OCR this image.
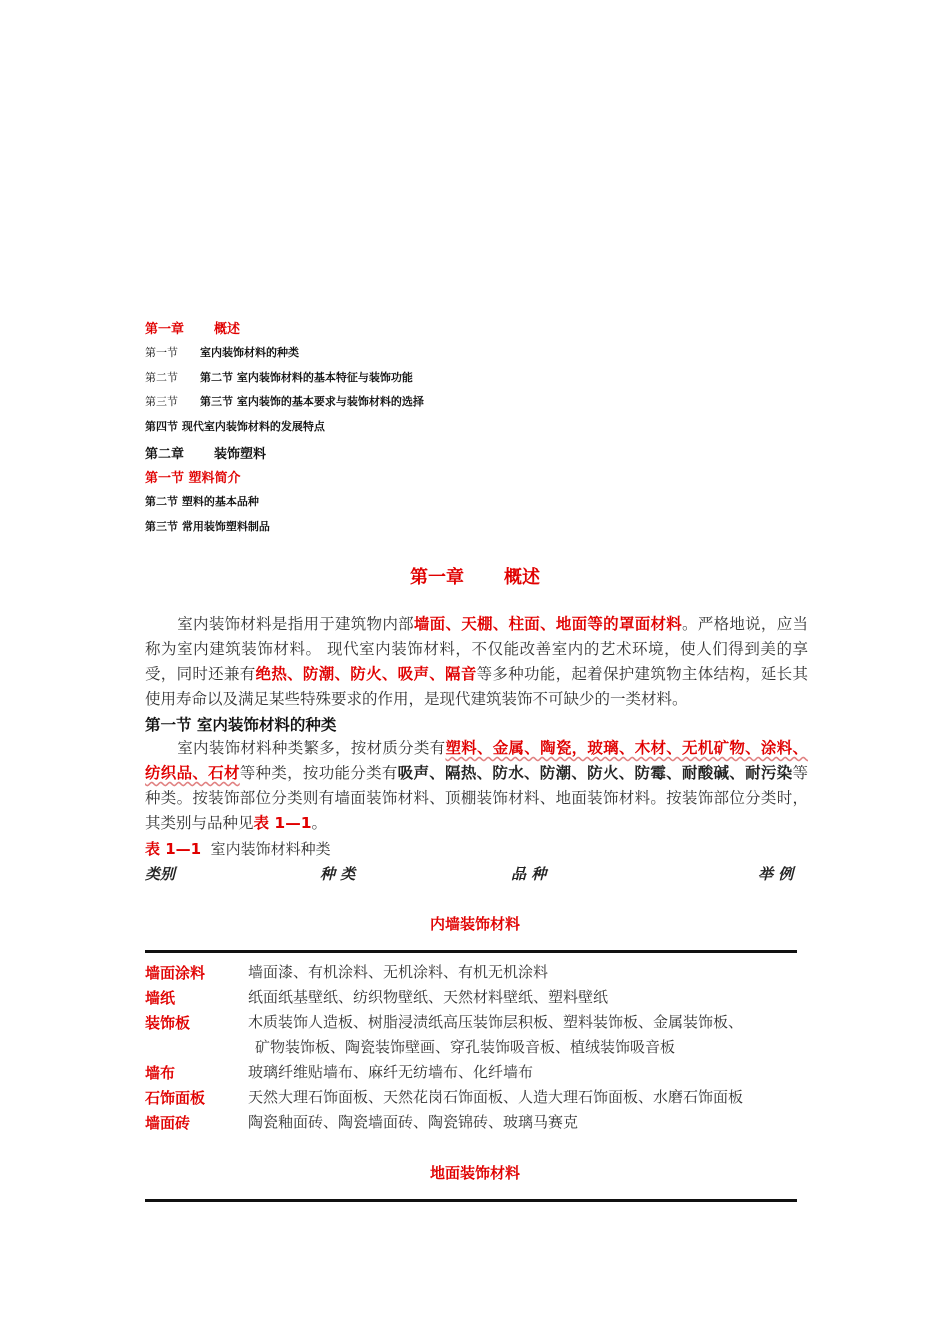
第一章 概述
第一节 室内装饰材料的种类
第二节 第二节 室内装饰材料的基本特征与装饰功能
第三节 第三节 室内装饰的基本要求与装饰材料的选择
第四节 现代室内装饰材料的发展特点
第二章 装饰塑料
第一节 塑料简介
第二节 塑料的基本品种
第三节 常用装饰塑料制品
第一章 概述
室内装饰材料是指用于建筑物内部墙面、天棚、柱面、地面等的罩面材料。严格地说，应当称为室内建筑装饰材料。 现代室内装饰材料，不仅能改善室内的艺术环境，使人们得到美的享受，同时还兼有绝热、防潮、防火、吸声、隔音等多种功能，起着保护建筑物主体结构，延长其使用寿命以及满足某些特殊要求的作用，是现代建筑装饰不可缺少的一类材料。
第一节 室内装饰材料的种类
室内装饰材料种类繁多，按材质分类有塑料、金属、陶瓷，玻璃、木材、无机矿物、涂料、纺织品、石材等种类，按功能分类有吸声、隔热、防水、防潮、防火、防霉、耐酸碱、耐污染等种类。按装饰部位分类则有墙面装饰材料、顶棚装饰材料、地面装饰材料。按装饰部位分类时，其类别与品种见表 1—1。
表 1—1 室内装饰材料种类
类别	种 类	品 种	举 例
内墙装饰材料
墙面涂料	墙面漆、有机涂料、无机涂料、有机无机涂料
墙纸	纸面纸基壁纸、纺织物壁纸、天然材料壁纸、塑料壁纸
装饰板	木质装饰人造板、树脂浸渍纸高压装饰层积板、塑料装饰板、金属装饰板、
矿物装饰板、陶瓷装饰壁画、穿孔装饰吸音板、植绒装饰吸音板
墙布	玻璃纤维贴墙布、麻纤无纺墙布、化纤墙布
石饰面板	天然大理石饰面板、天然花岗石饰面板、人造大理石饰面板、水磨石饰面板
墙面砖	陶瓷釉面砖、陶瓷墙面砖、陶瓷锦砖、玻璃马赛克
地面装饰材料
